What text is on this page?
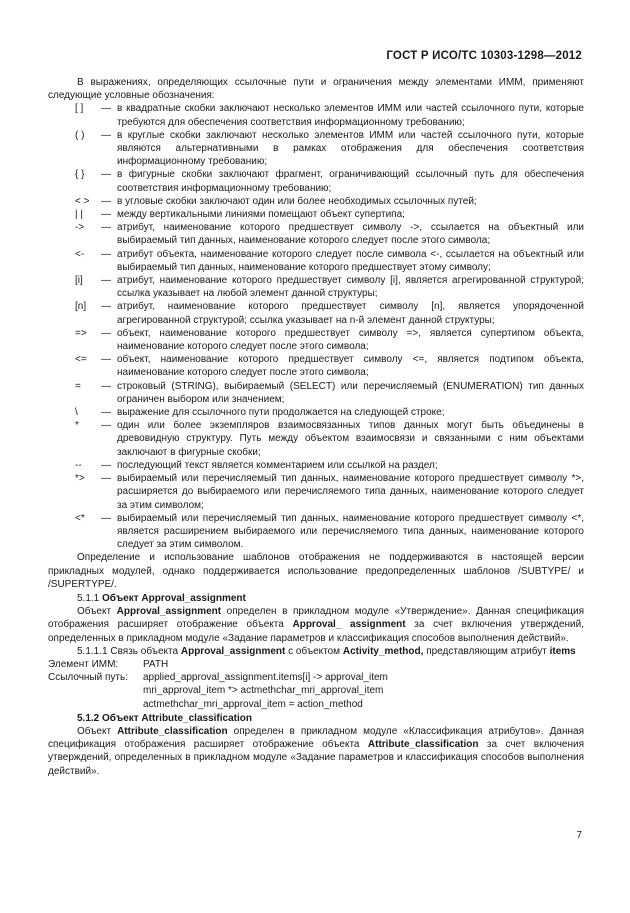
ГОСТ Р ИСО/ТС 10303-1298—2012

В выражениях, определяющих ссылочные пути и ограничения между элементами ИММ, применяют следующие условные обозначения:

[ ]	— в квадратные скобки заключают несколько элементов ИММ или частей ссылочного пути, которые требуются для обеспечения соответствия информационному требованию;
( )	— в круглые скобки заключают несколько элементов ИММ или частей ссылочного пути, которые являются альтернативными в рамках отображения для обеспечения соответствия информационному требованию;
{ }	— в фигурные скобки заключают фрагмент, ограничивающий ссылочный путь для обеспечения соответствия информационному требованию;
< >	— в угловые скобки заключают один или более необходимых ссылочных путей;
| |	— между вертикальными линиями помещают объект супертипа;
->	— атрибут, наименование которого предшествует символу ->, ссылается на объектный или выбираемый тип данных, наименование которого следует после этого символа;
<-	— атрибут объекта, наименование которого следует после символа <-, ссылается на объектный или выбираемый тип данных, наименование которого предшествует этому символу;
[i]	— атрибут, наименование которого предшествует символу [i], является агрегированной структурой; ссылка указывает на любой элемент данной структуры;
[n]	— атрибут, наименование которого предшествует символу [n], является упорядоченной агрегированной структурой; ссылка указывает на n-й элемент данной структуры;
=>	— объект, наименование которого предшествует символу =>, является супертипом объекта, наименование которого следует после этого символа;
<=	— объект, наименование которого предшествует символу <=, является подтипом объекта, наименование которого следует после этого символа;
=	— строковый (STRING), выбираемый (SELECT) или перечисляемый (ENUMERATION) тип данных ограничен выбором или значением;
\	— выражение для ссылочного пути продолжается на следующей строке;
*	— один или более экземпляров взаимосвязанных типов данных могут быть объединены в древовидную структуру. Путь между объектом взаимосвязи и связанными с ним объектами заключают в фигурные скобки;
--	— последующий текст является комментарием или ссылкой на раздел;
*>	— выбираемый или перечисляемый тип данных, наименование которого предшествует символу *>, расширяется до выбираемого или перечисляемого типа данных, наименование которого следует за этим символом;
<*	— выбираемый или перечисляемый тип данных, наименование которого предшествует символу <*, является расширением выбираемого или перечисляемого типа данных, наименование которого следует за этим символом.

Определение и использование шаблонов отображения не поддерживаются в настоящей версии прикладных модулей, однако поддерживается использование предопределенных шаблонов /SUBTYPE/ и /SUPERTYPE/.

5.1.1 Объект Approval_assignment

Объект Approval_assignment определен в прикладном модуле «Утверждение». Данная спецификация отображения расширяет отображение объекта Approval_ assignment за счет включения утверждений, определенных в прикладном модуле «Задание параметров и классификация способов выполнения действий».

5.1.1.1 Связь объекта Approval_assignment с объектом Activity_method, представляющим атрибут items

Элемент ИММ:	PATH
Ссылочный путь:	applied_approval_assignment.items[i] -> approval_item
mri_approval_item *> actmethchar_mri_approval_item
actmethchar_mri_approval_item = action_method
5.1.2 Объект Attribute_classification

Объект Attribute_classification определен в прикладном модуле «Классификация атрибутов». Данная спецификация отображения расширяет отображение объекта Attribute_classification за счет включения утверждений, определенных в прикладном модуле «Задание параметров и классификация способов выполнения действий».

7
